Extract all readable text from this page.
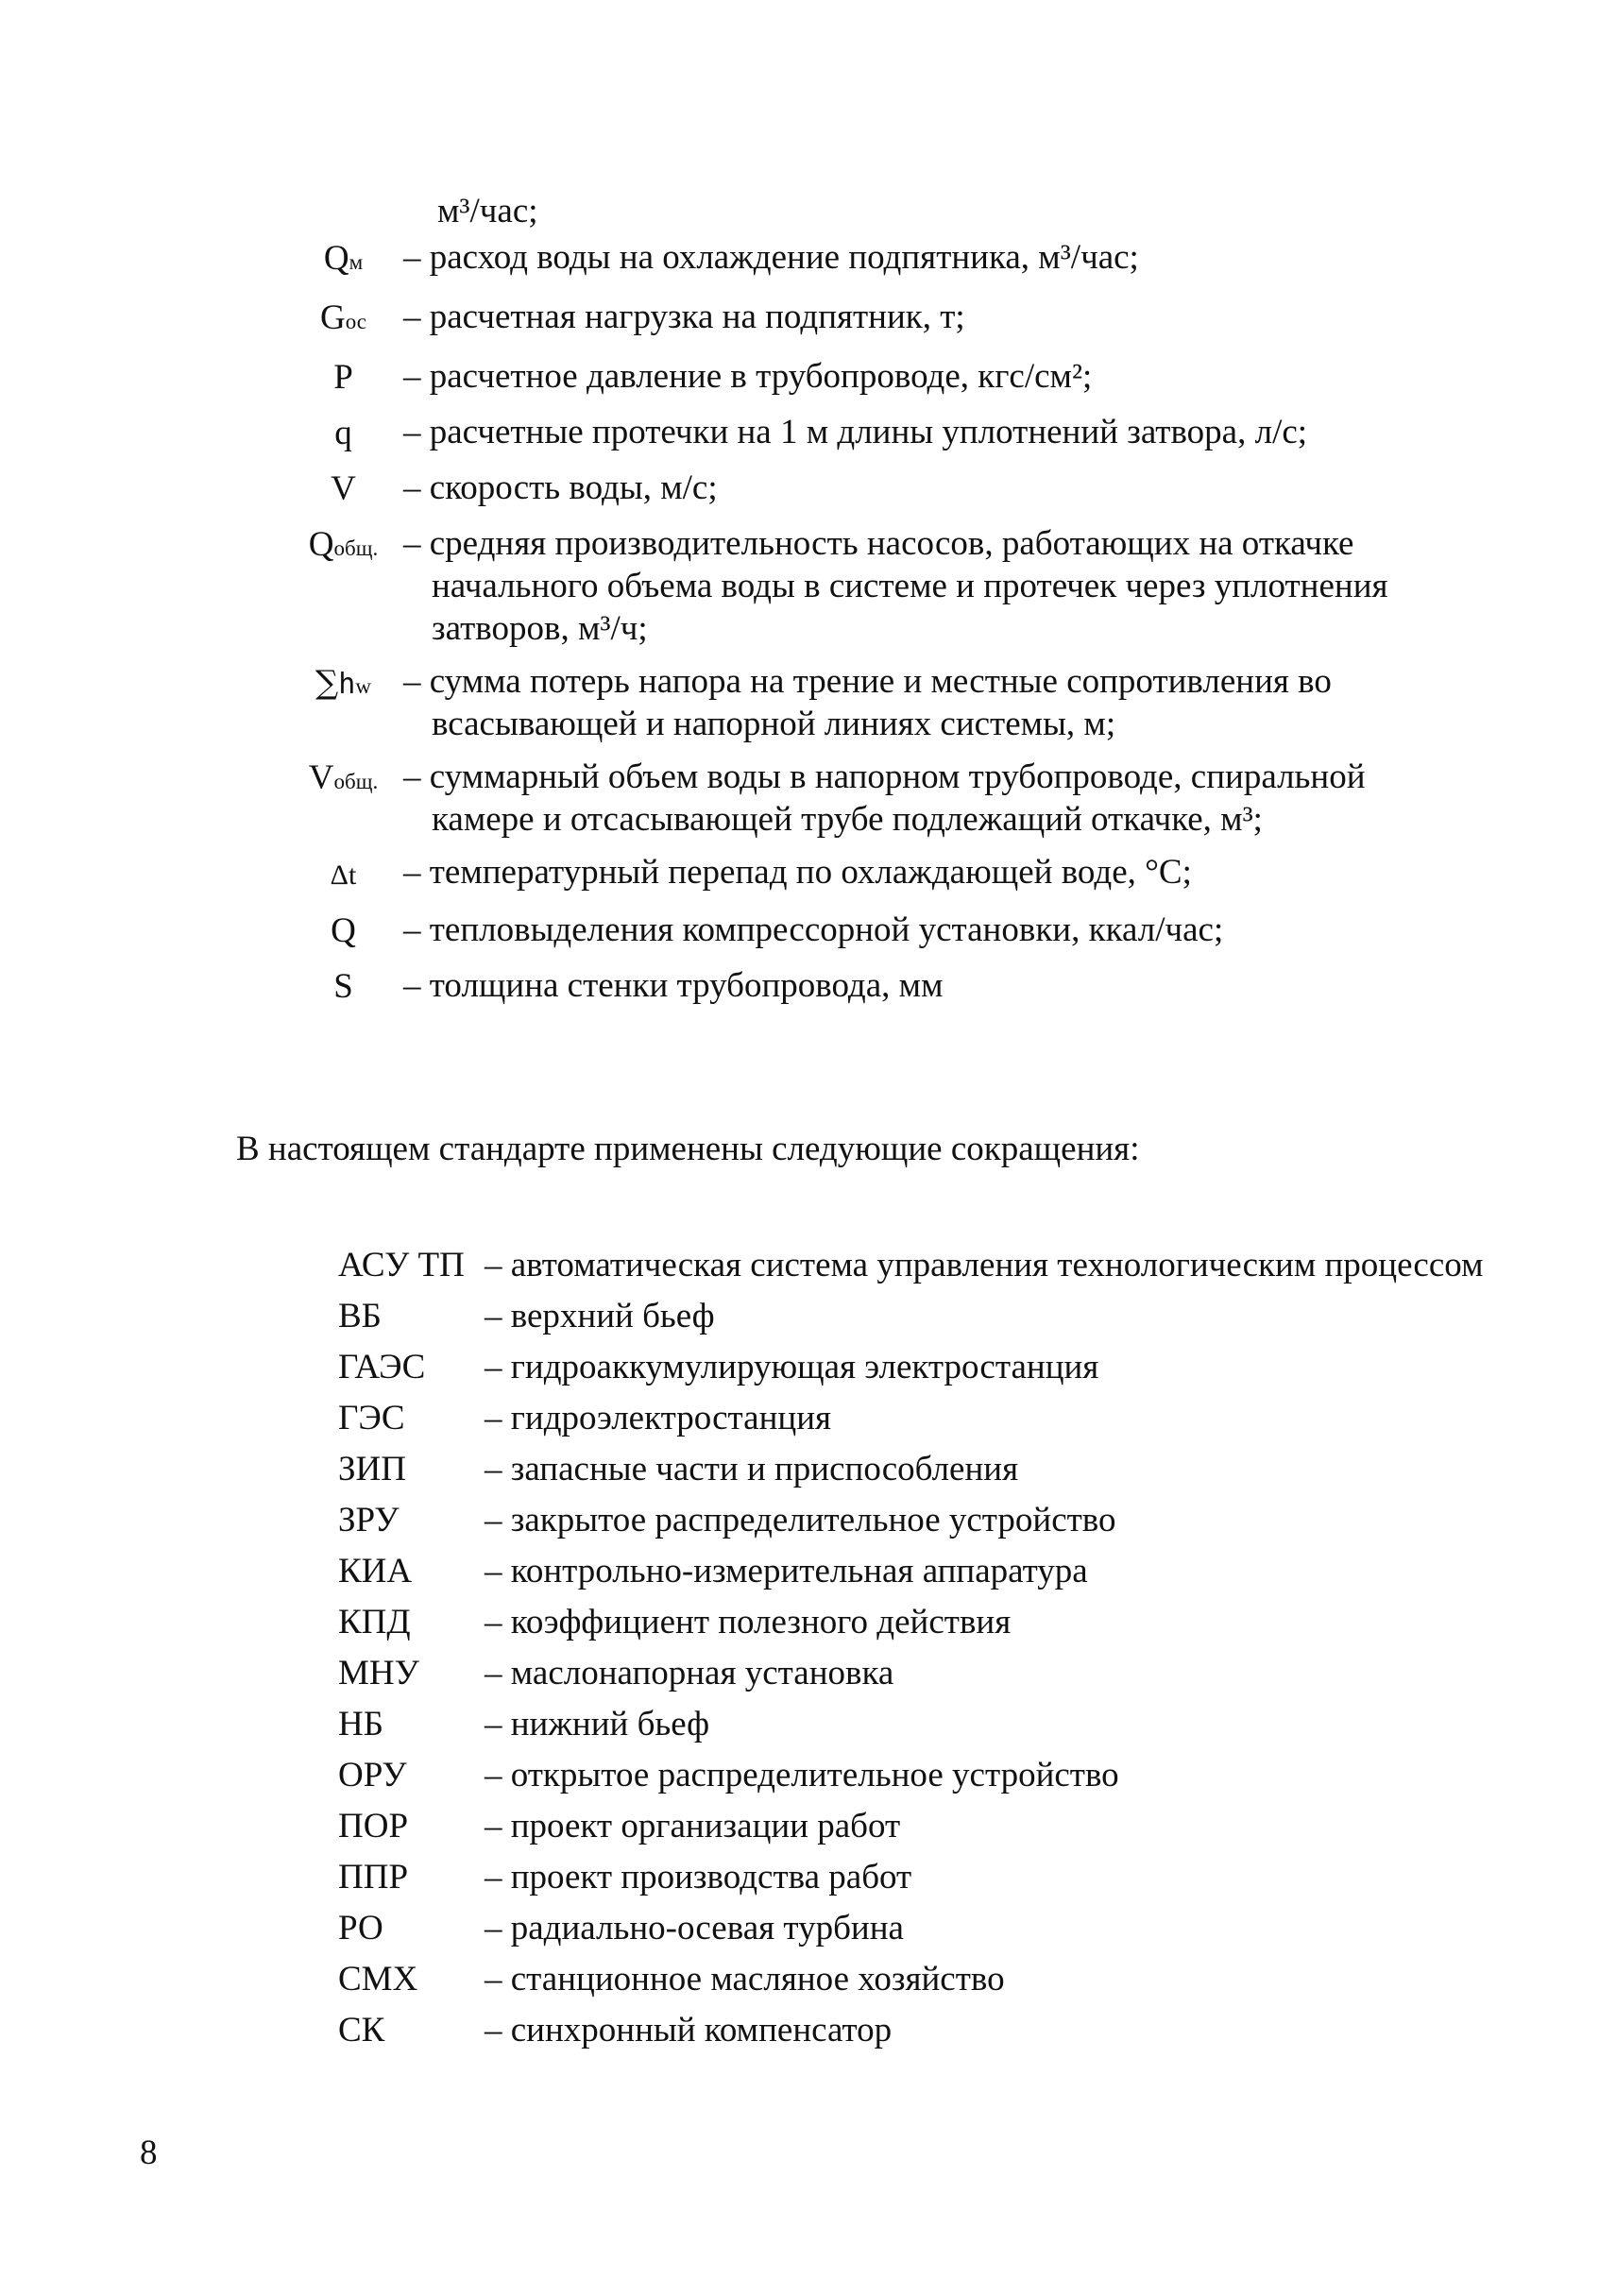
м³/час;
Qм	– расход воды на охлаждение подпятника, м³/час;
Gос	– расчетная нагрузка на подпятник, т;
Р	– расчетное давление в трубопроводе, кгс/см²;
q	– расчетные протечки на 1 м длины уплотнений затвора, л/с;
V	– скорость воды, м/с;
Qобщ. – средняя производительность насосов, работающих на откачке начального объема воды в системе и протечек через уплотнения затворов, м³/ч;
∑hw – сумма потерь напора на трение и местные сопротивления во всасывающей и напорной линиях системы, м;
Vобщ. – суммарный объем воды в напорном трубопроводе, спиральной   камере и отсасывающей трубе подлежащий откачке, м³;
Δt	– температурный перепад по охлаждающей воде, °С;
Q	– тепловыделения компрессорной установки, ккал/час;
S	– толщина стенки трубопровода, мм
В настоящем стандарте применены следующие сокращения:
АСУ ТП – автоматическая система управления технологическим процессом
ВБ	– верхний бьеф
ГАЭС	– гидроаккумулирующая электростанция
ГЭС	– гидроэлектростанция
ЗИП	– запасные части и приспособления
ЗРУ	– закрытое распределительное устройство
КИА	– контрольно-измерительная аппаратура
КПД	– коэффициент полезного действия
МНУ	– маслонапорная установка
НБ	– нижний бьеф
ОРУ	– открытое распределительное устройство
ПОР	– проект организации работ
ППР	– проект производства работ
РО	– радиально-осевая турбина
СМХ	– станционное масляное хозяйство
СК	– синхронный компенсатор
8
